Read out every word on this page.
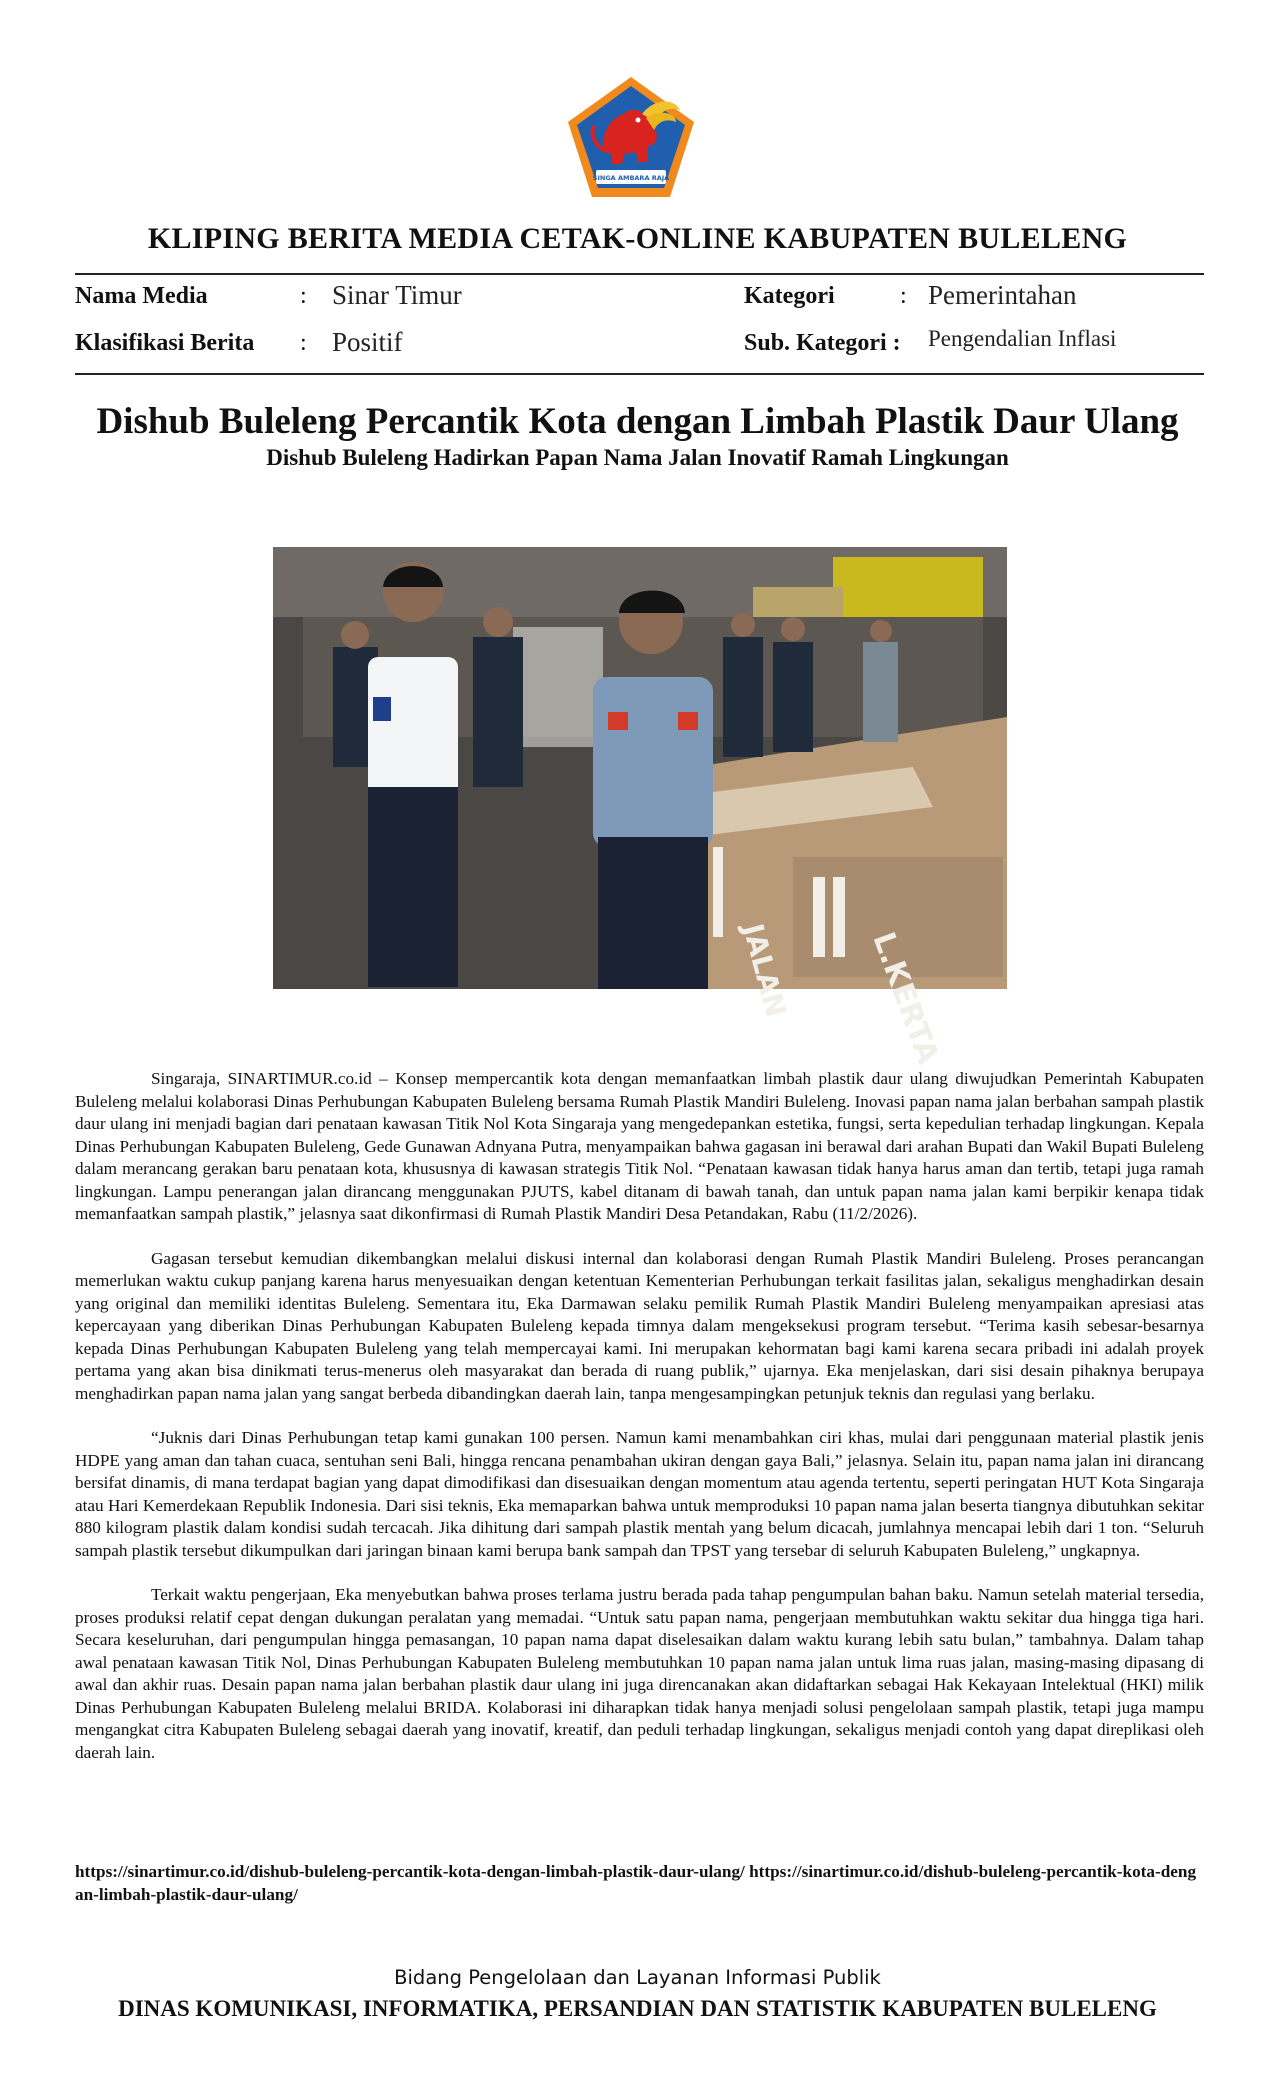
SINGA AMBARA RAJA
KLIPING BERITA MEDIA CETAK-ONLINE KABUPATEN BULELENG
Nama Media	: Sinar Timur	Kategori	: Pemerintahan
Klasifikasi Berita : Positif	Sub. Kategori : Pengendalian Inflasi
Dishub Buleleng Percantik Kota dengan Limbah Plastik Daur Ulang
Dishub Buleleng Hadirkan Papan Nama Jalan Inovatif Ramah Lingkungan
L.KERTA
JALAN

Singaraja, SINARTIMUR.co.id – Konsep mempercantik kota dengan memanfaatkan limbah plastik daur ulang diwujudkan Pemerintah Kabupaten Buleleng melalui kolaborasi Dinas Perhubungan Kabupaten Buleleng bersama Rumah Plastik Mandiri Buleleng. Inovasi papan nama jalan berbahan sampah plastik daur ulang ini menjadi bagian dari penataan kawasan Titik Nol Kota Singaraja yang mengedepankan estetika, fungsi, serta kepedulian terhadap lingkungan. Kepala Dinas Perhubungan Kabupaten Buleleng, Gede Gunawan Adnyana Putra, menyampaikan bahwa gagasan ini berawal dari arahan Bupati dan Wakil Bupati Buleleng dalam merancang gerakan baru penataan kota, khususnya di kawasan strategis Titik Nol. “Penataan kawasan tidak hanya harus aman dan tertib, tetapi juga ramah lingkungan. Lampu penerangan jalan dirancang menggunakan PJUTS, kabel ditanam di bawah tanah, dan untuk papan nama jalan kami berpikir kenapa tidak memanfaatkan sampah plastik,” jelasnya saat dikonfirmasi di Rumah Plastik Mandiri Desa Petandakan, Rabu (11/2/2026).

Gagasan tersebut kemudian dikembangkan melalui diskusi internal dan kolaborasi dengan Rumah Plastik Mandiri Buleleng. Proses perancangan memerlukan waktu cukup panjang karena harus menyesuaikan dengan ketentuan Kementerian Perhubungan terkait fasilitas jalan, sekaligus menghadirkan desain yang original dan memiliki identitas Buleleng. Sementara itu, Eka Darmawan selaku pemilik Rumah Plastik Mandiri Buleleng menyampaikan apresiasi atas kepercayaan yang diberikan Dinas Perhubungan Kabupaten Buleleng kepada timnya dalam mengeksekusi program tersebut. “Terima kasih sebesar-besarnya kepada Dinas Perhubungan Kabupaten Buleleng yang telah mempercayai kami. Ini merupakan kehormatan bagi kami karena secara pribadi ini adalah proyek pertama yang akan bisa dinikmati terus-menerus oleh masyarakat dan berada di ruang publik,” ujarnya. Eka menjelaskan, dari sisi desain pihaknya berupaya menghadirkan papan nama jalan yang sangat berbeda dibandingkan daerah lain, tanpa mengesampingkan petunjuk teknis dan regulasi yang berlaku.

“Juknis dari Dinas Perhubungan tetap kami gunakan 100 persen. Namun kami menambahkan ciri khas, mulai dari penggunaan material plastik jenis HDPE yang aman dan tahan cuaca, sentuhan seni Bali, hingga rencana penambahan ukiran dengan gaya Bali,” jelasnya. Selain itu, papan nama jalan ini dirancang bersifat dinamis, di mana terdapat bagian yang dapat dimodifikasi dan disesuaikan dengan momentum atau agenda tertentu, seperti peringatan HUT Kota Singaraja atau Hari Kemerdekaan Republik Indonesia. Dari sisi teknis, Eka memaparkan bahwa untuk memproduksi 10 papan nama jalan beserta tiangnya dibutuhkan sekitar 880 kilogram plastik dalam kondisi sudah tercacah. Jika dihitung dari sampah plastik mentah yang belum dicacah, jumlahnya mencapai lebih dari 1 ton. “Seluruh sampah plastik tersebut dikumpulkan dari jaringan binaan kami berupa bank sampah dan TPST yang tersebar di seluruh Kabupaten Buleleng,” ungkapnya.

Terkait waktu pengerjaan, Eka menyebutkan bahwa proses terlama justru berada pada tahap pengumpulan bahan baku. Namun setelah material tersedia, proses produksi relatif cepat dengan dukungan peralatan yang memadai. “Untuk satu papan nama, pengerjaan membutuhkan waktu sekitar dua hingga tiga hari. Secara keseluruhan, dari pengumpulan hingga pemasangan, 10 papan nama dapat diselesaikan dalam waktu kurang lebih satu bulan,” tambahnya. Dalam tahap awal penataan kawasan Titik Nol, Dinas Perhubungan Kabupaten Buleleng membutuhkan 10 papan nama jalan untuk lima ruas jalan, masing-masing dipasang di awal dan akhir ruas. Desain papan nama jalan berbahan plastik daur ulang ini juga direncanakan akan didaftarkan sebagai Hak Kekayaan Intelektual (HKI) milik Dinas Perhubungan Kabupaten Buleleng melalui BRIDA. Kolaborasi ini diharapkan tidak hanya menjadi solusi pengelolaan sampah plastik, tetapi juga mampu mengangkat citra Kabupaten Buleleng sebagai daerah yang inovatif, kreatif, dan peduli terhadap lingkungan, sekaligus menjadi contoh yang dapat direplikasi oleh daerah lain.

https://sinartimur.co.id/dishub-buleleng-percantik-kota-dengan-limbah-plastik-daur-ulang/ https://sinartimur.co.id/dishub-buleleng-percantik-kota-dengan-limbah-plastik-daur-ulang/
Bidang Pengelolaan dan Layanan Informasi Publik
DINAS KOMUNIKASI, INFORMATIKA, PERSANDIAN DAN STATISTIK KABUPATEN BULELENG
